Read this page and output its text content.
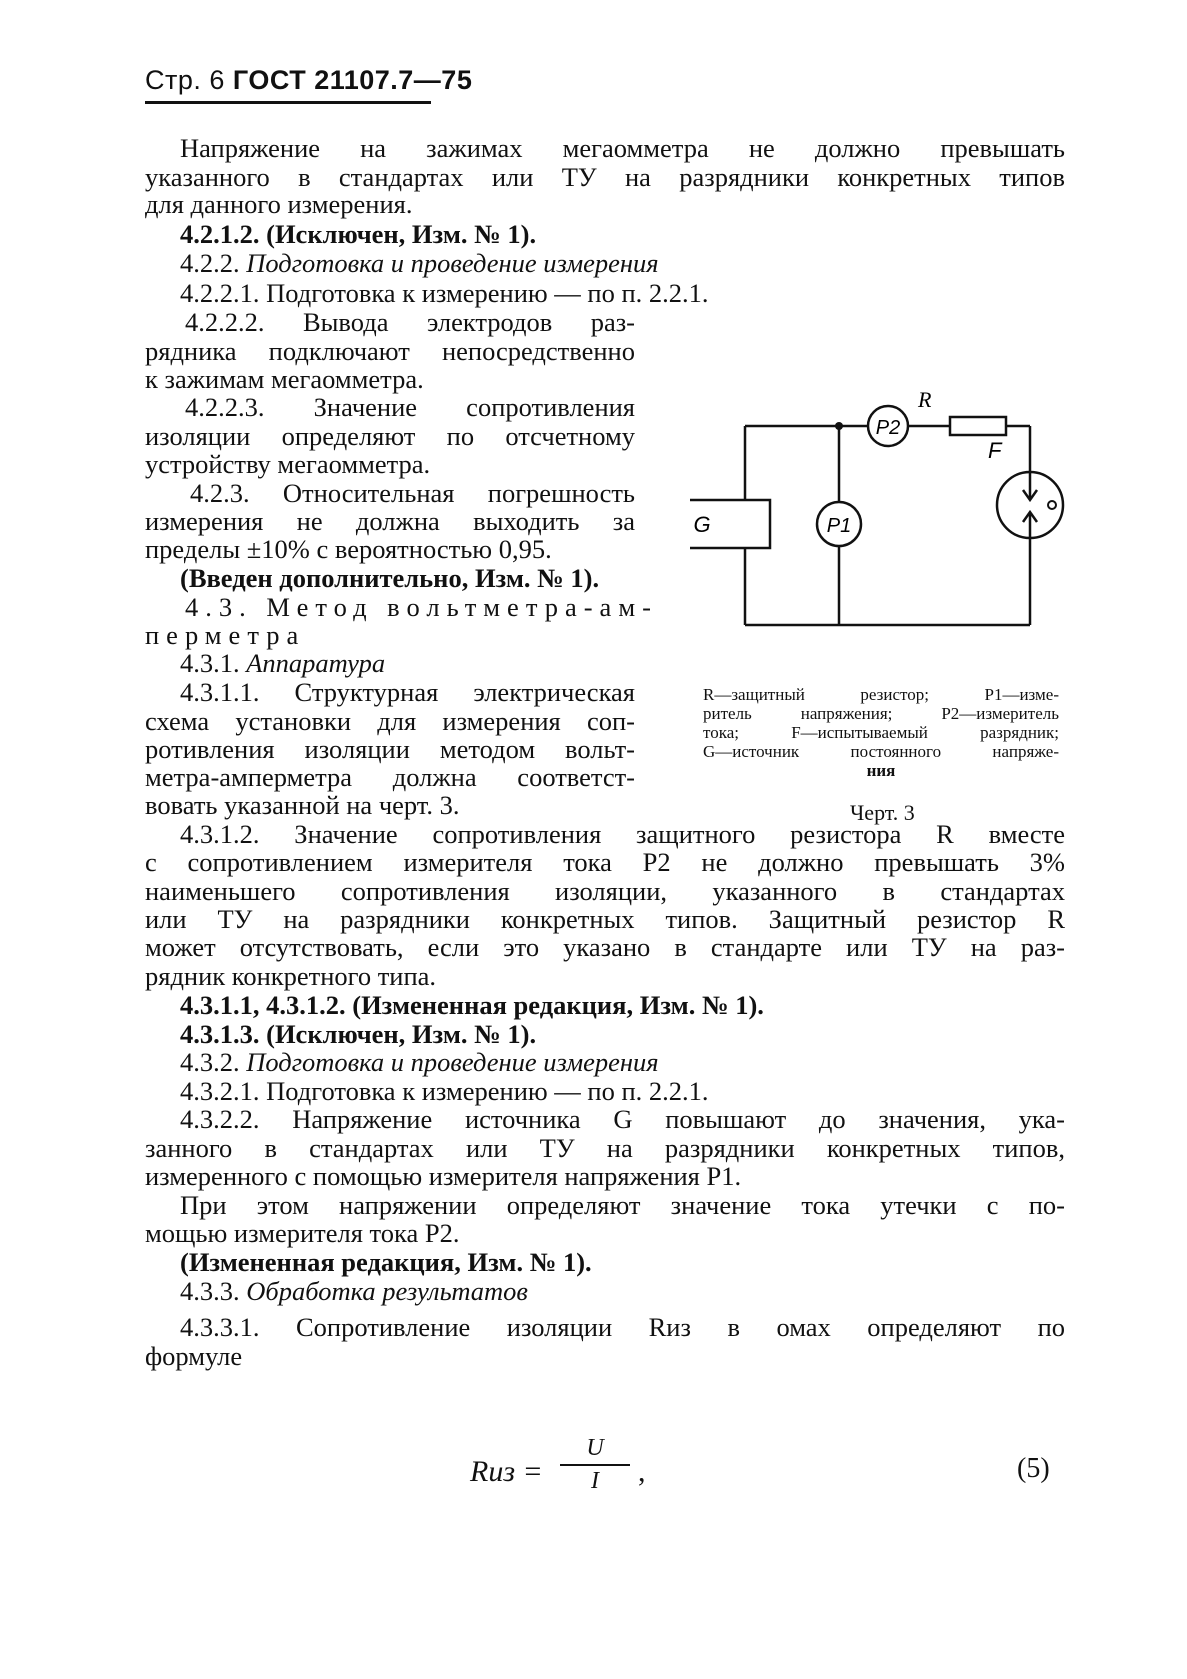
Стр. 6 ГОСТ 21107.7—75
Напряжение на зажимах мегаомметра не должно превышать
указанного в стандартах или ТУ на разрядники конкретных типов
для данного измерения.
4.2.1.2. (Исключен, Изм. № 1).
4.2.2. Подготовка и проведение измерения
4.2.2.1. Подготовка к измерению — по п. 2.2.1.
4.2.2.2. Вывода электродов раз-
рядника подключают непосредственно
к зажимам мегаомметра.
4.2.2.3. Значение сопротивления
изоляции определяют по отсчетному
устройству мегаомметра.
4.2.3. Относительная погрешность
измерения не должна выходить за
пределы ±10% с вероятностью 0,95.
(Введен дополнительно, Изм. № 1).
4.3. Метод вольтметра-ам-
перметра
4.3.1. Аппаратура
4.3.1.1. Структурная электрическая
схема установки для измерения соп-
ротивления изоляции методом вольт-
метра-амперметра должна соответст-
вовать указанной на черт. 3.
4.3.1.2. Значение сопротивления защитного резистора R вместе
с сопротивлением измерителя тока P2 не должно превышать 3%
наименьшего сопротивления изоляции, указанного в стандартах
или ТУ на разрядники конкретных типов. Защитный резистор R
может отсутствовать, если это указано в стандарте или ТУ на раз-
рядник конкретного типа.
4.3.1.1, 4.3.1.2. (Измененная редакция, Изм. № 1).
4.3.1.3. (Исключен, Изм. № 1).
4.3.2. Подготовка и проведение измерения
4.3.2.1. Подготовка к измерению — по п. 2.2.1.
4.3.2.2. Напряжение источника G повышают до значения, ука-
занного в стандартах или ТУ на разрядники конкретных типов,
измеренного с помощью измерителя напряжения P1.
При этом напряжении определяют значение тока утечки с по-
мощью измерителя тока P2.
(Измененная редакция, Изм. № 1).
4.3.3. Обработка результатов
4.3.3.1. Сопротивление изоляции Rиз в омах определяют по
формуле
R
P2
P1
G
F
R—защитный резистор; P1—изме-
ритель напряжения; P2—измеритель
тока; F—испытываемый разрядник;
G—источник постоянного напряже-
ния
Черт. 3
Rиз =
U
I	,	(5)
